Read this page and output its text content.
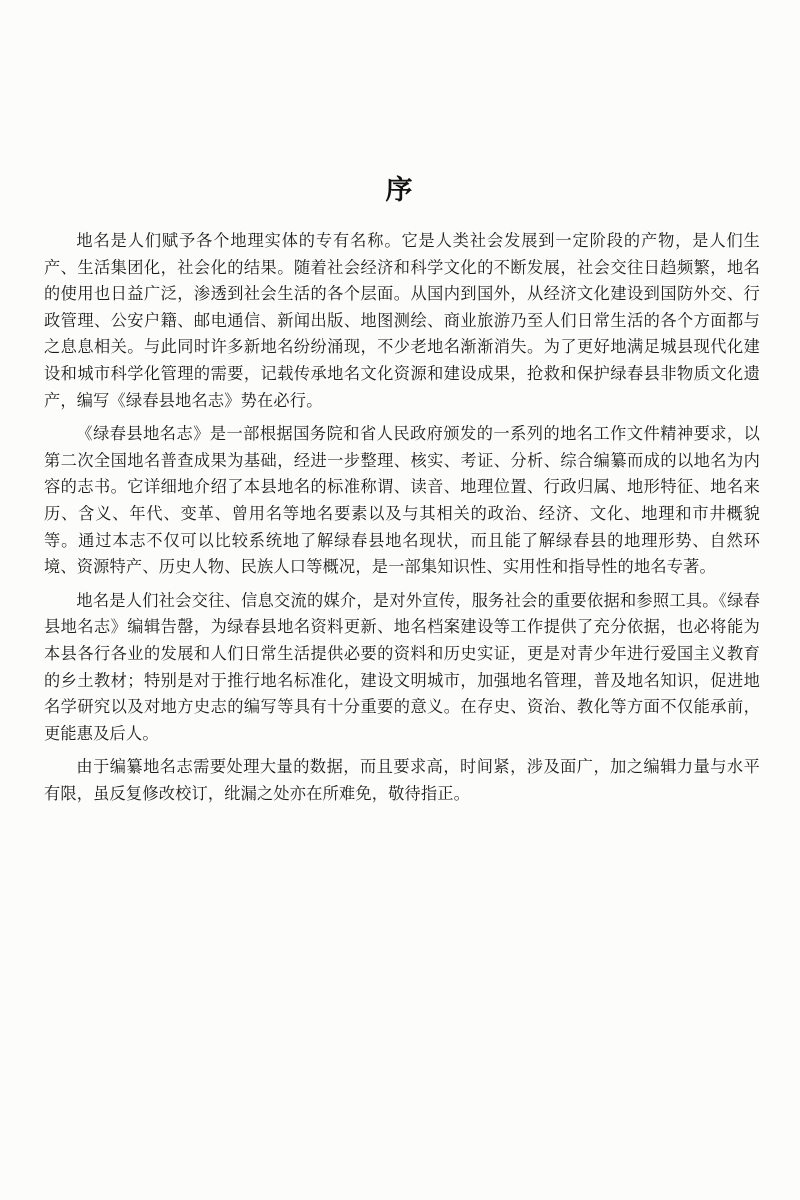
序

地名是人们赋予各个地理实体的专有名称。它是人类社会发展到一定阶段的产物，是人们生产、生活集团化，社会化的结果。随着社会经济和科学文化的不断发展，社会交往日趋频繁，地名的使用也日益广泛，渗透到社会生活的各个层面。从国内到国外，从经济文化建设到国防外交、行政管理、公安户籍、邮电通信、新闻出版、地图测绘、商业旅游乃至人们日常生活的各个方面都与之息息相关。与此同时许多新地名纷纷涌现，不少老地名渐渐消失。为了更好地满足城县现代化建设和城市科学化管理的需要，记载传承地名文化资源和建设成果，抢救和保护绿春县非物质文化遗产，编写《绿春县地名志》势在必行。

《绿春县地名志》是一部根据国务院和省人民政府颁发的一系列的地名工作文件精神要求，以第二次全国地名普查成果为基础，经进一步整理、核实、考证、分析、综合编纂而成的以地名为内容的志书。它详细地介绍了本县地名的标准称谓、读音、地理位置、行政归属、地形特征、地名来历、含义、年代、变革、曾用名等地名要素以及与其相关的政治、经济、文化、地理和市井概貌等。通过本志不仅可以比较系统地了解绿春县地名现状，而且能了解绿春县的地理形势、自然环境、资源特产、历史人物、民族人口等概况，是一部集知识性、实用性和指导性的地名专著。

地名是人们社会交往、信息交流的媒介，是对外宣传，服务社会的重要依据和参照工具。《绿春县地名志》编辑告罄，为绿春县地名资料更新、地名档案建设等工作提供了充分依据，也必将能为本县各行各业的发展和人们日常生活提供必要的资料和历史实证，更是对青少年进行爱国主义教育的乡土教材；特别是对于推行地名标准化，建设文明城市，加强地名管理，普及地名知识，促进地名学研究以及对地方史志的编写等具有十分重要的意义。在存史、资治、教化等方面不仅能承前，更能惠及后人。

由于编纂地名志需要处理大量的数据，而且要求高，时间紧，涉及面广，加之编辑力量与水平有限，虽反复修改校订，纰漏之处亦在所难免，敬待指正。
